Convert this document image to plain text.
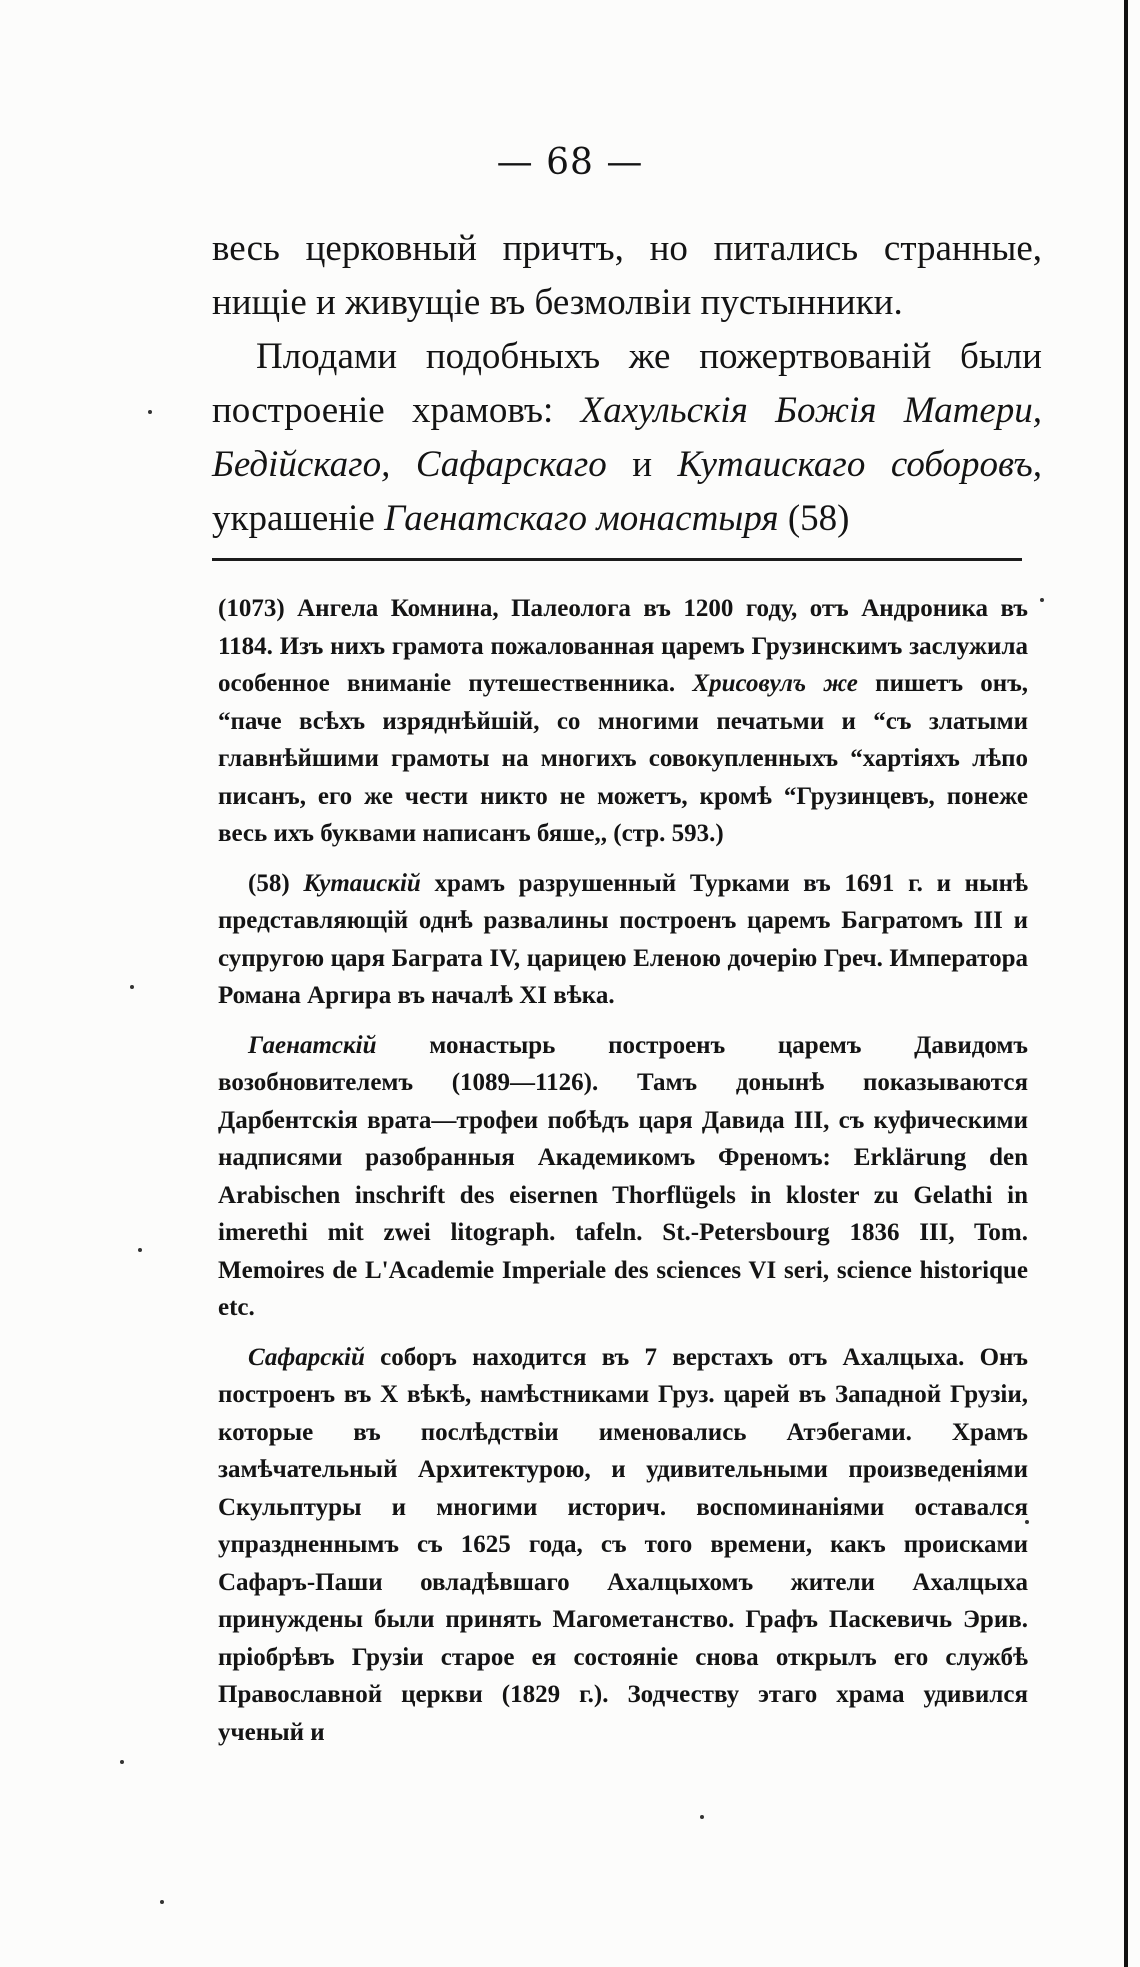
— 68 —

весь церковный причтъ, но питались странные, нищіе и живущіе въ безмолвіи пустынники.

Плодами подобныхъ же пожертвованій были построеніе храмовъ: Хахульскія Божія Матери, Бедійскаго, Сафарскаго и Кутаискаго соборовъ, украшеніе Гаенатскаго монастыря (58)

(1073) Ангела Комнина, Палеолога въ 1200 году, отъ Андроника въ 1184. Изъ нихъ грамота пожалованная царемъ Грузинскимъ заслужила особенное вниманіе путешественника. Хрисовулъ же пишетъ онъ, “паче всѣхъ изряднѣйшій, со многими печатьми и “съ златыми главнѣйшими грамоты на многихъ совокупленныхъ “хартіяхъ лѣпо писанъ, его же чести никто не можетъ, кромѣ “Грузинцевъ, понеже весь ихъ буквами написанъ бяше,, (стр. 593.)

(58) Кутаискій храмъ разрушенный Турками въ 1691 г. и нынѣ представляющій однѣ развалины построенъ царемъ Багратомъ III и супругою царя Баграта IV, царицею Еленою дочерію Греч. Императора Романа Аргира въ началѣ XI вѣка.

Гаенатскій монастырь построенъ царемъ Давидомъ возобновителемъ (1089—1126). Тамъ донынѣ показываются Дарбентскія врата—трофеи побѣдъ царя Давида III, съ куфическими надписями разобранныя Академикомъ Френомъ: Erklärung den Arabischen inschrift des eisernen Thorflügels in kloster zu Gelathi in imerethi mit zwei litograph. tafeln. St.-Petersbourg 1836 III, Tom. Memoires de L'Academie Imperiale des sciences VI seri, science historique etc.

Сафарскій соборъ находится въ 7 верстахъ отъ Ахалцыха. Онъ построенъ въ X вѣкѣ, намѣстниками Груз. царей въ Западной Грузіи, которые въ послѣдствіи именовались Атэбегами. Храмъ замѣчательный Архитектурою, и удивительными произведеніями Скульптуры и многими историч. воспоминаніями оставался упраздненнымъ съ 1625 года, съ того времени, какъ происками Сафаръ-Паши овладѣвшаго Ахалцыхомъ жители Ахалцыха принуждены были принять Магометанство. Графъ Паскевичь Эрив. пріобрѣвъ Грузіи старое ея состояніе снова открылъ его службѣ Православной церкви (1829 г.). Зодчеству этаго храма удивился ученый и
